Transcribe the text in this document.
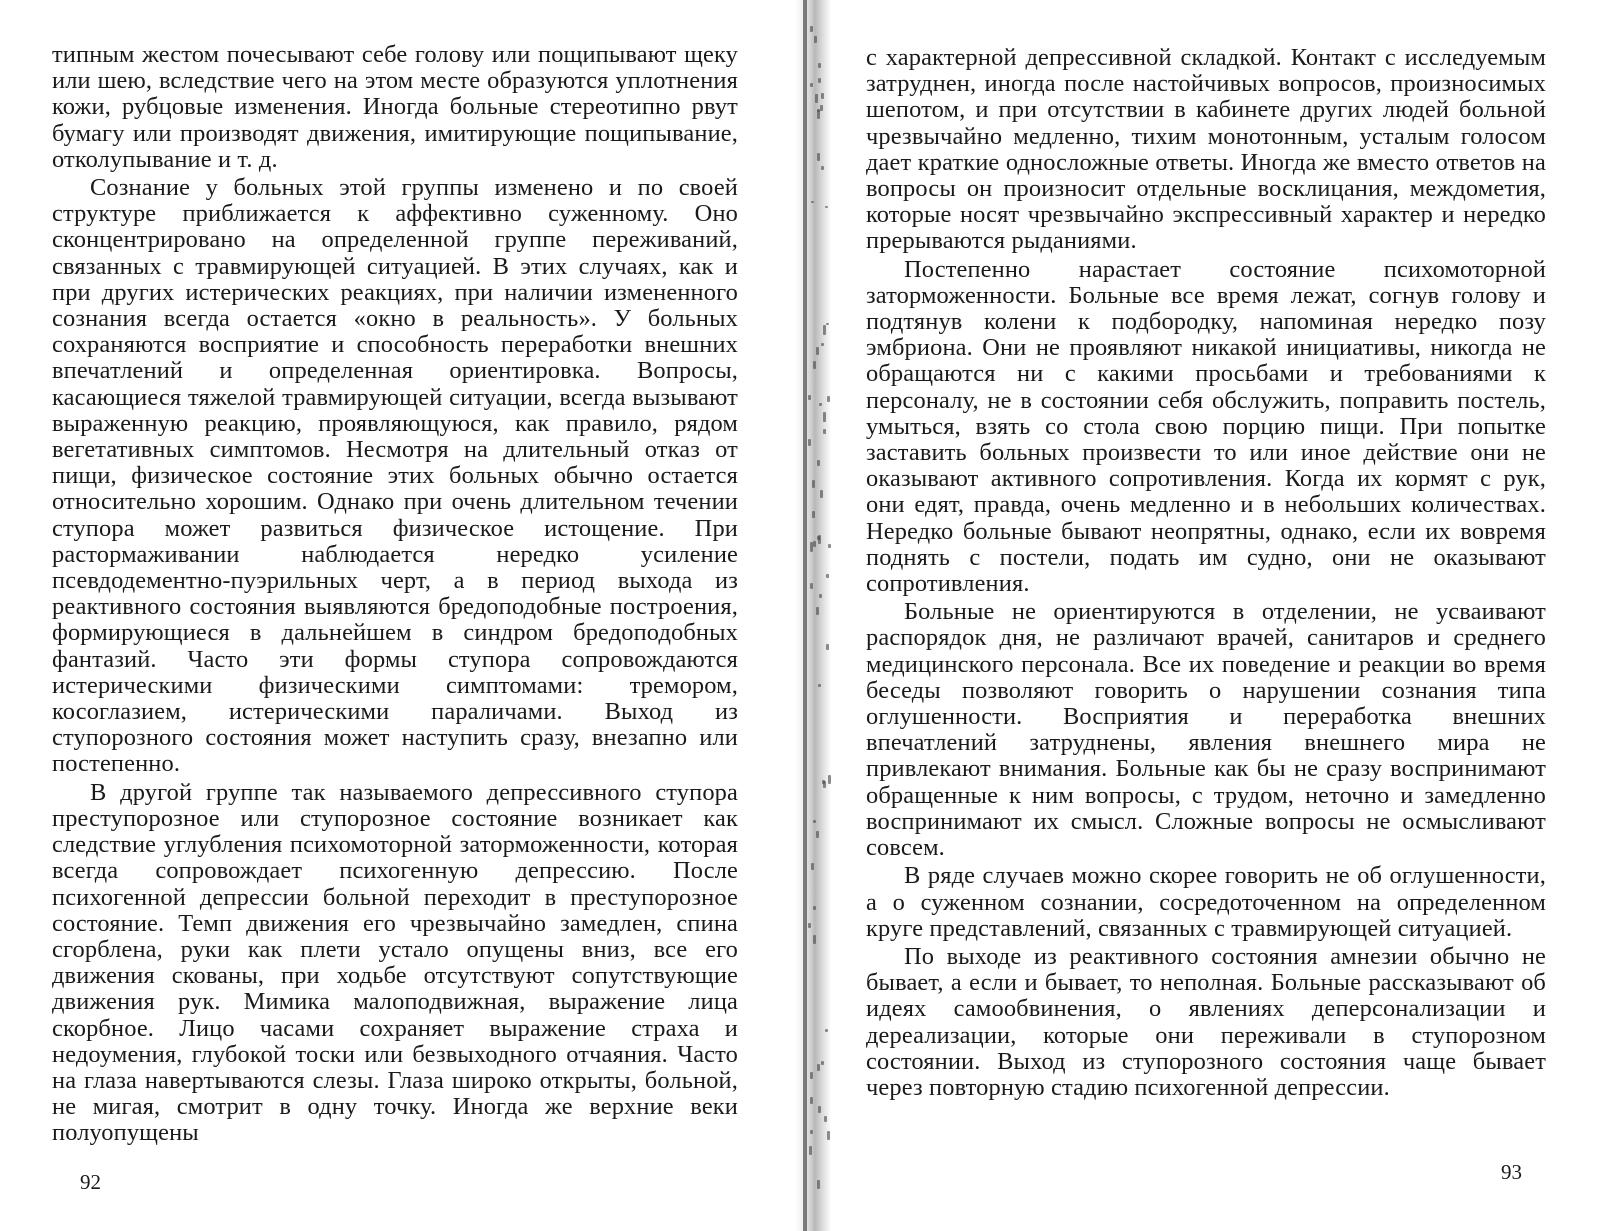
типным жестом почесывают себе голову или пощипывают щеку или шею, вследствие чего на этом месте образуются уплотнения кожи, рубцовые изменения. Иногда больные стереотипно рвут бумагу или производят движения, имитирующие пощипывание, отколупывание и т. д.

Сознание у больных этой группы изменено и по своей структуре приближается к аффективно суженному. Оно сконцентрировано на определенной группе переживаний, связанных с травмирующей ситуацией. В этих случаях, как и при других истерических реакциях, при наличии измененного сознания всегда остается «окно в реальность». У больных сохраняются восприятие и способность переработки внешних впечатлений и определенная ориентировка. Вопросы, касающиеся тяжелой травмирующей ситуации, всегда вызывают выраженную реакцию, проявляющуюся, как правило, рядом вегетативных симптомов. Несмотря на длительный отказ от пищи, физическое состояние этих больных обычно остается относительно хорошим. Однако при очень длительном течении ступора может развиться физическое истощение. При растормаживании наблюдается нередко усиление псевдодементно-пуэрильных черт, а в период выхода из реактивного состояния выявляются бредоподобные построения, формирующиеся в дальнейшем в синдром бредоподобных фантазий. Часто эти формы ступора сопровождаются истерическими физическими симптомами: тремором, косоглазием, истерическими параличами. Выход из ступорозного состояния может наступить сразу, внезапно или постепенно.

В другой группе так называемого депрессивного ступора преступорозное или ступорозное состояние возникает как следствие углубления психомоторной заторможенности, которая всегда сопровождает психогенную депрессию. После психогенной депрессии больной переходит в преступорозное состояние. Темп движения его чрезвычайно замедлен, спина сгорблена, руки как плети устало опущены вниз, все его движения скованы, при ходьбе отсутствуют сопутствующие движения рук. Мимика малоподвижная, выражение лица скорбное. Лицо часами сохраняет выражение страха и недоумения, глубокой тоски или безвыходного отчаяния. Часто на глаза навертываются слезы. Глаза широко открыты, больной, не мигая, смотрит в одну точку. Иногда же верхние веки полуопущены

92

с характерной депрессивной складкой. Контакт с исследуемым затруднен, иногда после настойчивых вопросов, произносимых шепотом, и при отсутствии в кабинете других людей больной чрезвычайно медленно, тихим монотонным, усталым голосом дает краткие односложные ответы. Иногда же вместо ответов на вопросы он произносит отдельные восклицания, междометия, которые носят чрезвычайно экспрессивный характер и нередко прерываются рыданиями.

Постепенно нарастает состояние психомоторной заторможенности. Больные все время лежат, согнув голову и подтянув колени к подбородку, напоминая нередко позу эмбриона. Они не проявляют никакой инициативы, никогда не обращаются ни с какими просьбами и требованиями к персоналу, не в состоянии себя обслужить, поправить постель, умыться, взять со стола свою порцию пищи. При попытке заставить больных произвести то или иное действие они не оказывают активного сопротивления. Когда их кормят с рук, они едят, правда, очень медленно и в небольших количествах. Нередко больные бывают неопрятны, однако, если их вовремя поднять с постели, подать им судно, они не оказывают сопротивления.

Больные не ориентируются в отделении, не усваивают распорядок дня, не различают врачей, санитаров и среднего медицинского персонала. Все их поведение и реакции во время беседы позволяют говорить о нарушении сознания типа оглушенности. Восприятия и переработка внешних впечатлений затруднены, явления внешнего мира не привлекают внимания. Больные как бы не сразу воспринимают обращенные к ним вопросы, с трудом, неточно и замедленно воспринимают их смысл. Сложные вопросы не осмысливают совсем.

В ряде случаев можно скорее говорить не об оглушенности, а о суженном сознании, сосредоточенном на определенном круге представлений, связанных с травмирующей ситуацией.

По выходе из реактивного состояния амнезии обычно не бывает, а если и бывает, то неполная. Больные рассказывают об идеях самообвинения, о явлениях деперсонализации и дереализации, которые они переживали в ступорозном состоянии. Выход из ступорозного состояния чаще бывает через повторную стадию психогенной депрессии.

93
